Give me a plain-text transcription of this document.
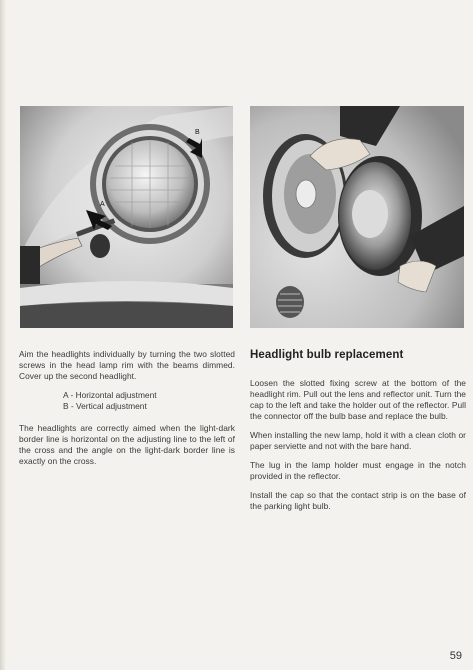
A
B

Aim the headlights individually by turning the two slotted screws in the head lamp rim with the beams dimmed. Cover up the second headlight.

A - Horizontal adjustment
B - Vertical adjustment

The headlights are correctly aimed when the light-dark border line is horizontal on the adjusting line to the left of the cross and the angle on the light-dark border line is exactly on the cross.

Headlight bulb replacement

Loosen the slotted fixing screw at the bottom of the headlight rim. Pull out the lens and reflector unit. Turn the cap to the left and take the holder out of the reflector. Pull the connector off the bulb base and replace the bulb.

When installing the new lamp, hold it with a clean cloth or paper serviette and not with the bare hand.

The lug in the lamp holder must engage in the notch provided in the reflector.

Install the cap so that the contact strip is on the base of the parking light bulb.

59
